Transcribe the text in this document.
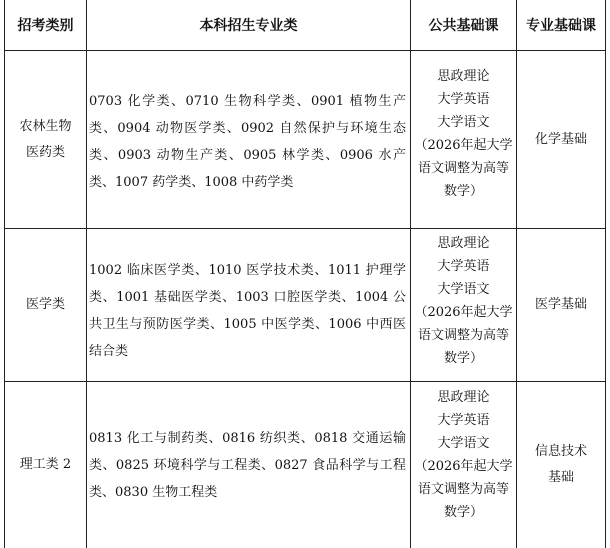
招考类别	本科招生专业类	公共基础课 专业基础课
农林生物
医药类
0703 化学类、0710 生物科学类、0901 植物生产类、0904 动物医学类、0902 自然保护与环境生态类、0903 动物生产类、0905 林学类、0906 水产类、1007 药学类、1008 中药学类
思政理论
大学英语
大学语文
（2026年起大学
语文调整为高等
数学）
化学基础
医学类
1002 临床医学类、1010 医学技术类、1011 护理学类、1001 基础医学类、1003 口腔医学类、1004 公共卫生与预防医学类、1005 中医学类、1006 中西医结合类
思政理论
大学英语
大学语文
（2026年起大学
语文调整为高等
数学）
医学基础
理工类 2
0813 化工与制药类、0816 纺织类、0818 交通运输类、0825 环境科学与工程类、0827 食品科学与工程类、0830 生物工程类
思政理论
大学英语
大学语文
（2026年起大学
语文调整为高等
数学）
信息技术
基础
